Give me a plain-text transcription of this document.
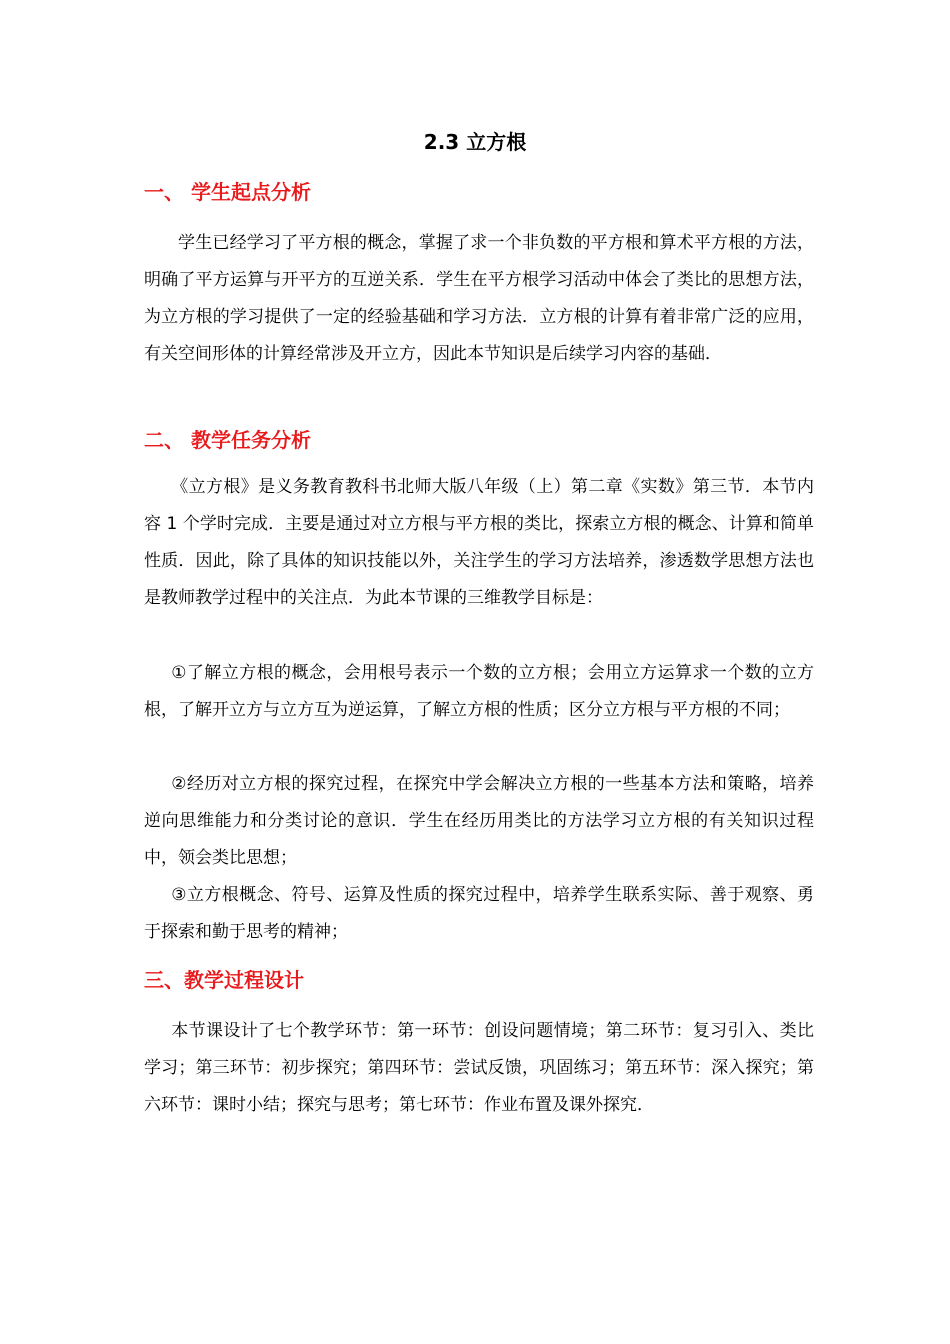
2.3 立方根
一、 学生起点分析

学生已经学习了平方根的概念，掌握了求一个非负数的平方根和算术平方根的方法，明确了平方运算与开平方的互逆关系．学生在平方根学习活动中体会了类比的思想方法，为立方根的学习提供了一定的经验基础和学习方法．立方根的计算有着非常广泛的应用，有关空间形体的计算经常涉及开立方，因此本节知识是后续学习内容的基础．

二、 教学任务分析

《立方根》是义务教育教科书北师大版八年级（上）第二章《实数》第三节．本节内容 1 个学时完成．主要是通过对立方根与平方根的类比，探索立方根的概念、计算和简单性质．因此，除了具体的知识技能以外，关注学生的学习方法培养，渗透数学思想方法也是教师教学过程中的关注点．为此本节课的三维教学目标是：

①了解立方根的概念，会用根号表示一个数的立方根；会用立方运算求一个数的立方根，了解开立方与立方互为逆运算，了解立方根的性质；区分立方根与平方根的不同；

②经历对立方根的探究过程，在探究中学会解决立方根的一些基本方法和策略，培养逆向思维能力和分类讨论的意识．学生在经历用类比的方法学习立方根的有关知识过程中，领会类比思想；

③立方根概念、符号、运算及性质的探究过程中，培养学生联系实际、善于观察、勇于探索和勤于思考的精神；

三、教学过程设计

本节课设计了七个教学环节：第一环节：创设问题情境；第二环节：复习引入、类比学习；第三环节：初步探究；第四环节：尝试反馈，巩固练习；第五环节：深入探究；第六环节：课时小结；探究与思考；第七环节：作业布置及课外探究．
